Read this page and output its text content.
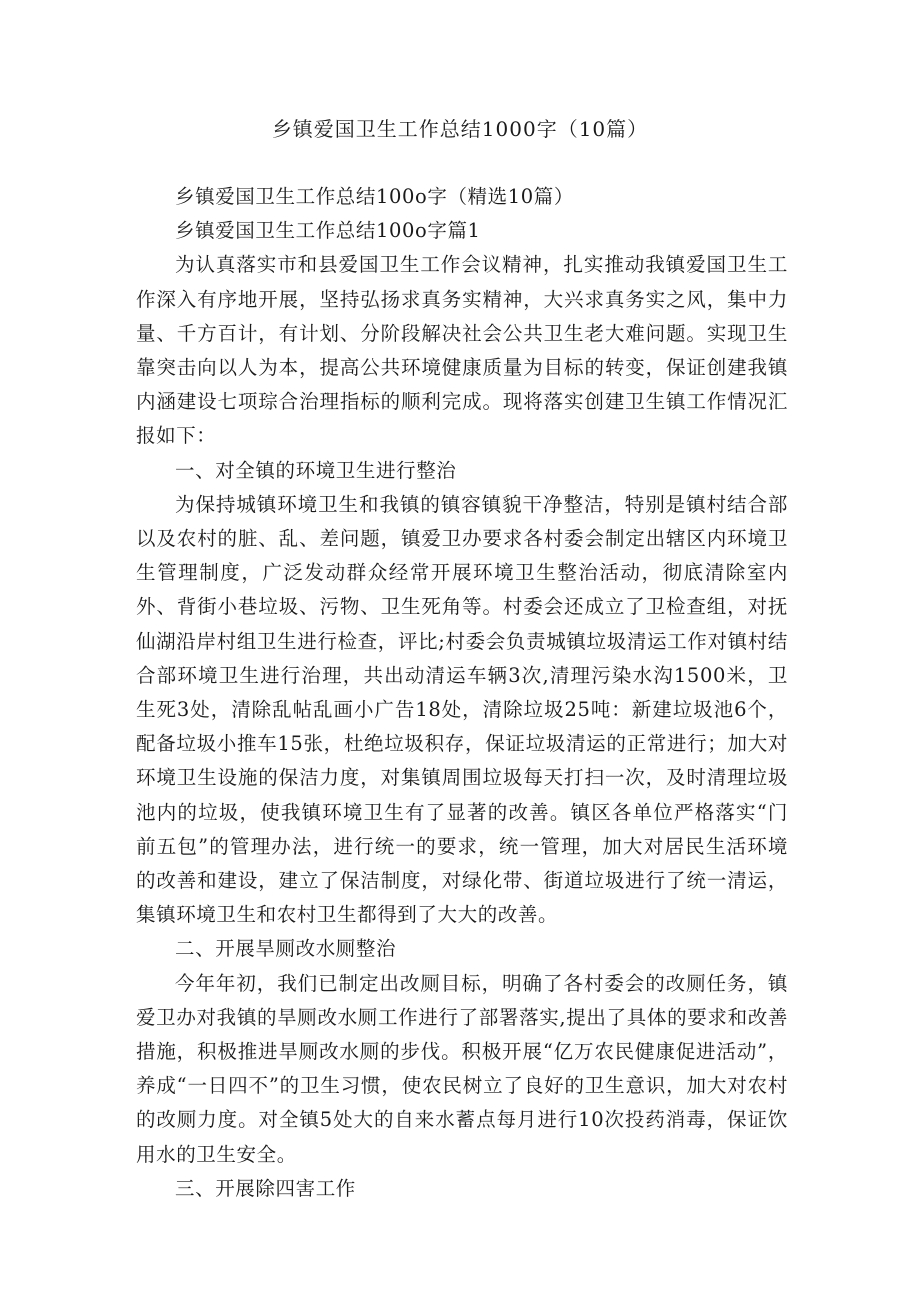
乡镇爱国卫生工作总结1000字（10篇）

乡镇爱国卫生工作总结100o字（精选10篇）

乡镇爱国卫生工作总结100o字篇1

为认真落实市和县爱国卫生工作会议精神，扎实推动我镇爱国卫生工作深入有序地开展，坚持弘扬求真务实精神，大兴求真务实之风，集中力量、千方百计，有计划、分阶段解决社会公共卫生老大难问题。实现卫生靠突击向以人为本，提高公共环境健康质量为目标的转变，保证创建我镇内涵建设七项琮合治理指标的顺利完成。现将落实创建卫生镇工作情况汇报如下：

一、对全镇的环境卫生进行整治

为保持城镇环境卫生和我镇的镇容镇貌干净整洁，特别是镇村结合部以及农村的脏、乱、差问题，镇爱卫办要求各村委会制定出辖区内环境卫生管理制度，广泛发动群众经常开展环境卫生整治活动，彻底清除室内外、背街小巷垃圾、污物、卫生死角等。村委会还成立了卫检查组，对抚仙湖沿岸村组卫生进行检查，评比;村委会负责城镇垃圾清运工作对镇村结合部环境卫生进行治理，共出动清运车辆3次,清理污染水沟1500米，卫生死3处，清除乱帖乱画小广告18处，清除垃圾25吨：新建垃圾池6个，配备垃圾小推车15张，杜绝垃圾积存，保证垃圾清运的正常进行；加大对环境卫生设施的保洁力度，对集镇周围垃圾每天打扫一次，及时清理垃圾池内的垃圾，使我镇环境卫生有了显著的改善。镇区各单位严格落实“门前五包”的管理办法，进行统一的要求，统一管理，加大对居民生活环境的改善和建设，建立了保洁制度，对绿化带、街道垃圾进行了统一清运，集镇环境卫生和农村卫生都得到了大大的改善。

二、开展旱厕改水厕整治

今年年初，我们已制定出改厕目标，明确了各村委会的改厕任务，镇爱卫办对我镇的旱厕改水厕工作进行了部署落实,提出了具体的要求和改善措施，积极推进旱厕改水厕的步伐。积极开展“亿万农民健康促进活动”，养成“一日四不”的卫生习惯，使农民树立了良好的卫生意识，加大对农村的改厕力度。对全镇5处大的自来水蓄点每月进行10次投药消毒，保证饮用水的卫生安全。

三、开展除四害工作
